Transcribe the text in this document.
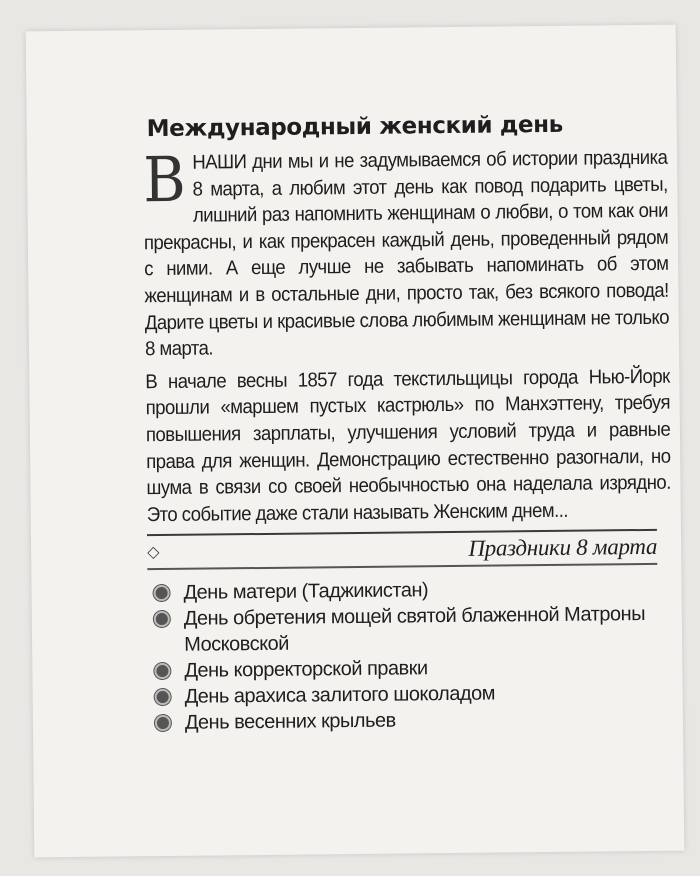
Международный женский день

В НАШИ дни мы и не задумываемся об истории праздника 8 марта, а любим этот день как повод подарить цветы, лишний раз напомнить женщинам о любви, о том как они прекрасны, и как прекрасен каждый день, проведенный рядом с ними. А еще лучше не забывать напоминать об этом женщинам и в остальные дни, просто так, без всякого повода! Дарите цветы и красивые слова любимым женщинам не только 8 марта.

В начале весны 1857 года текстильщицы города Нью-Йорк прошли «маршем пустых кастрюль» по Манхэттену, требуя повышения зарплаты, улучшения условий труда и равные права для женщин. Демонстрацию естественно разогнали, но шума в связи со своей необычностью она наделала изрядно. Это событие даже стали называть Женским днем...

◇	Праздники 8 марта
День матери (Таджикистан)
День обретения мощей святой блаженной Матроны Московской
День корректорской правки
День арахиса залитого шоколадом
День весенних крыльев
